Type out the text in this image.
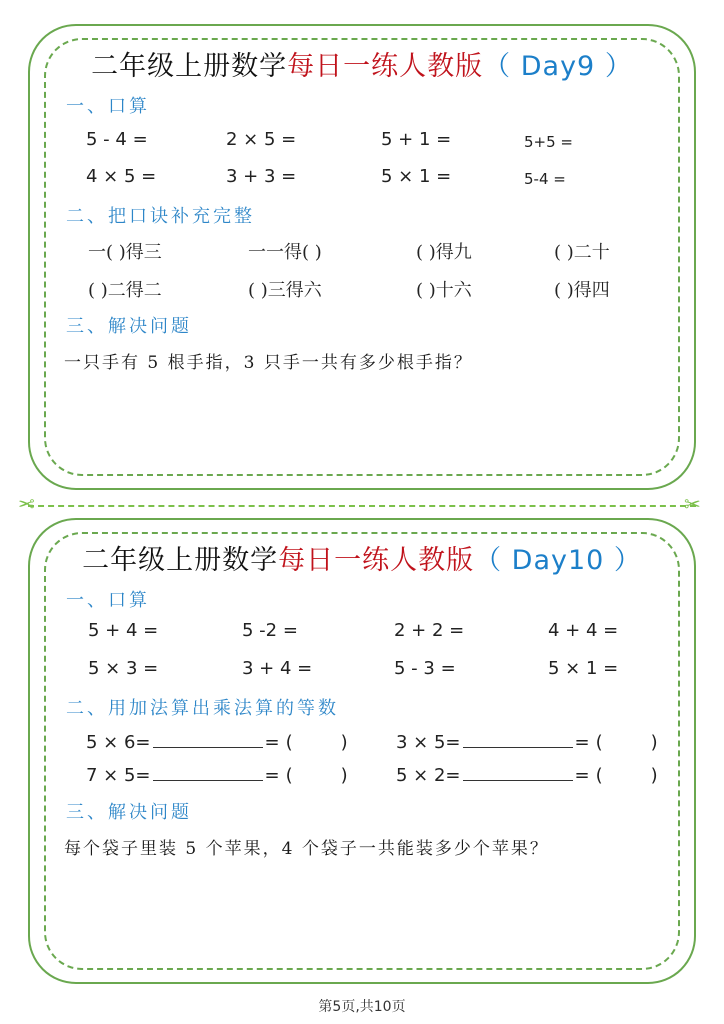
二年级上册数学每日一练人教版（ Day9 ）
一、口算
5 - 4 =	2 × 5 =	5 + 1 =	5+5 =
4 × 5 =	3 + 3 =	5 × 1 =	5-4 =
二、把口诀补充完整
一( )得三	一一得( )	( )得九	( )二十
( )二得二	( )三得六	( )十六	( )得四
三、解决问题
一只手有 5 根手指，3 只手一共有多少根手指？
✂	✂
二年级上册数学每日一练人教版（ Day10 ）
一、口算
5 + 4 =	5 -2 =	2 + 2 =	4 + 4 =
5 × 3 =	3 + 4 =	5 - 3 =	5 × 1 =
二、用加法算出乘法算的等数
5 × 6=	= (	)	3 × 5=	= (	)
7 × 5=	= (	)	5 × 2=	= (	)
三、解决问题
每个袋子里装 5 个苹果，4 个袋子一共能装多少个苹果？
第5页,共10页
